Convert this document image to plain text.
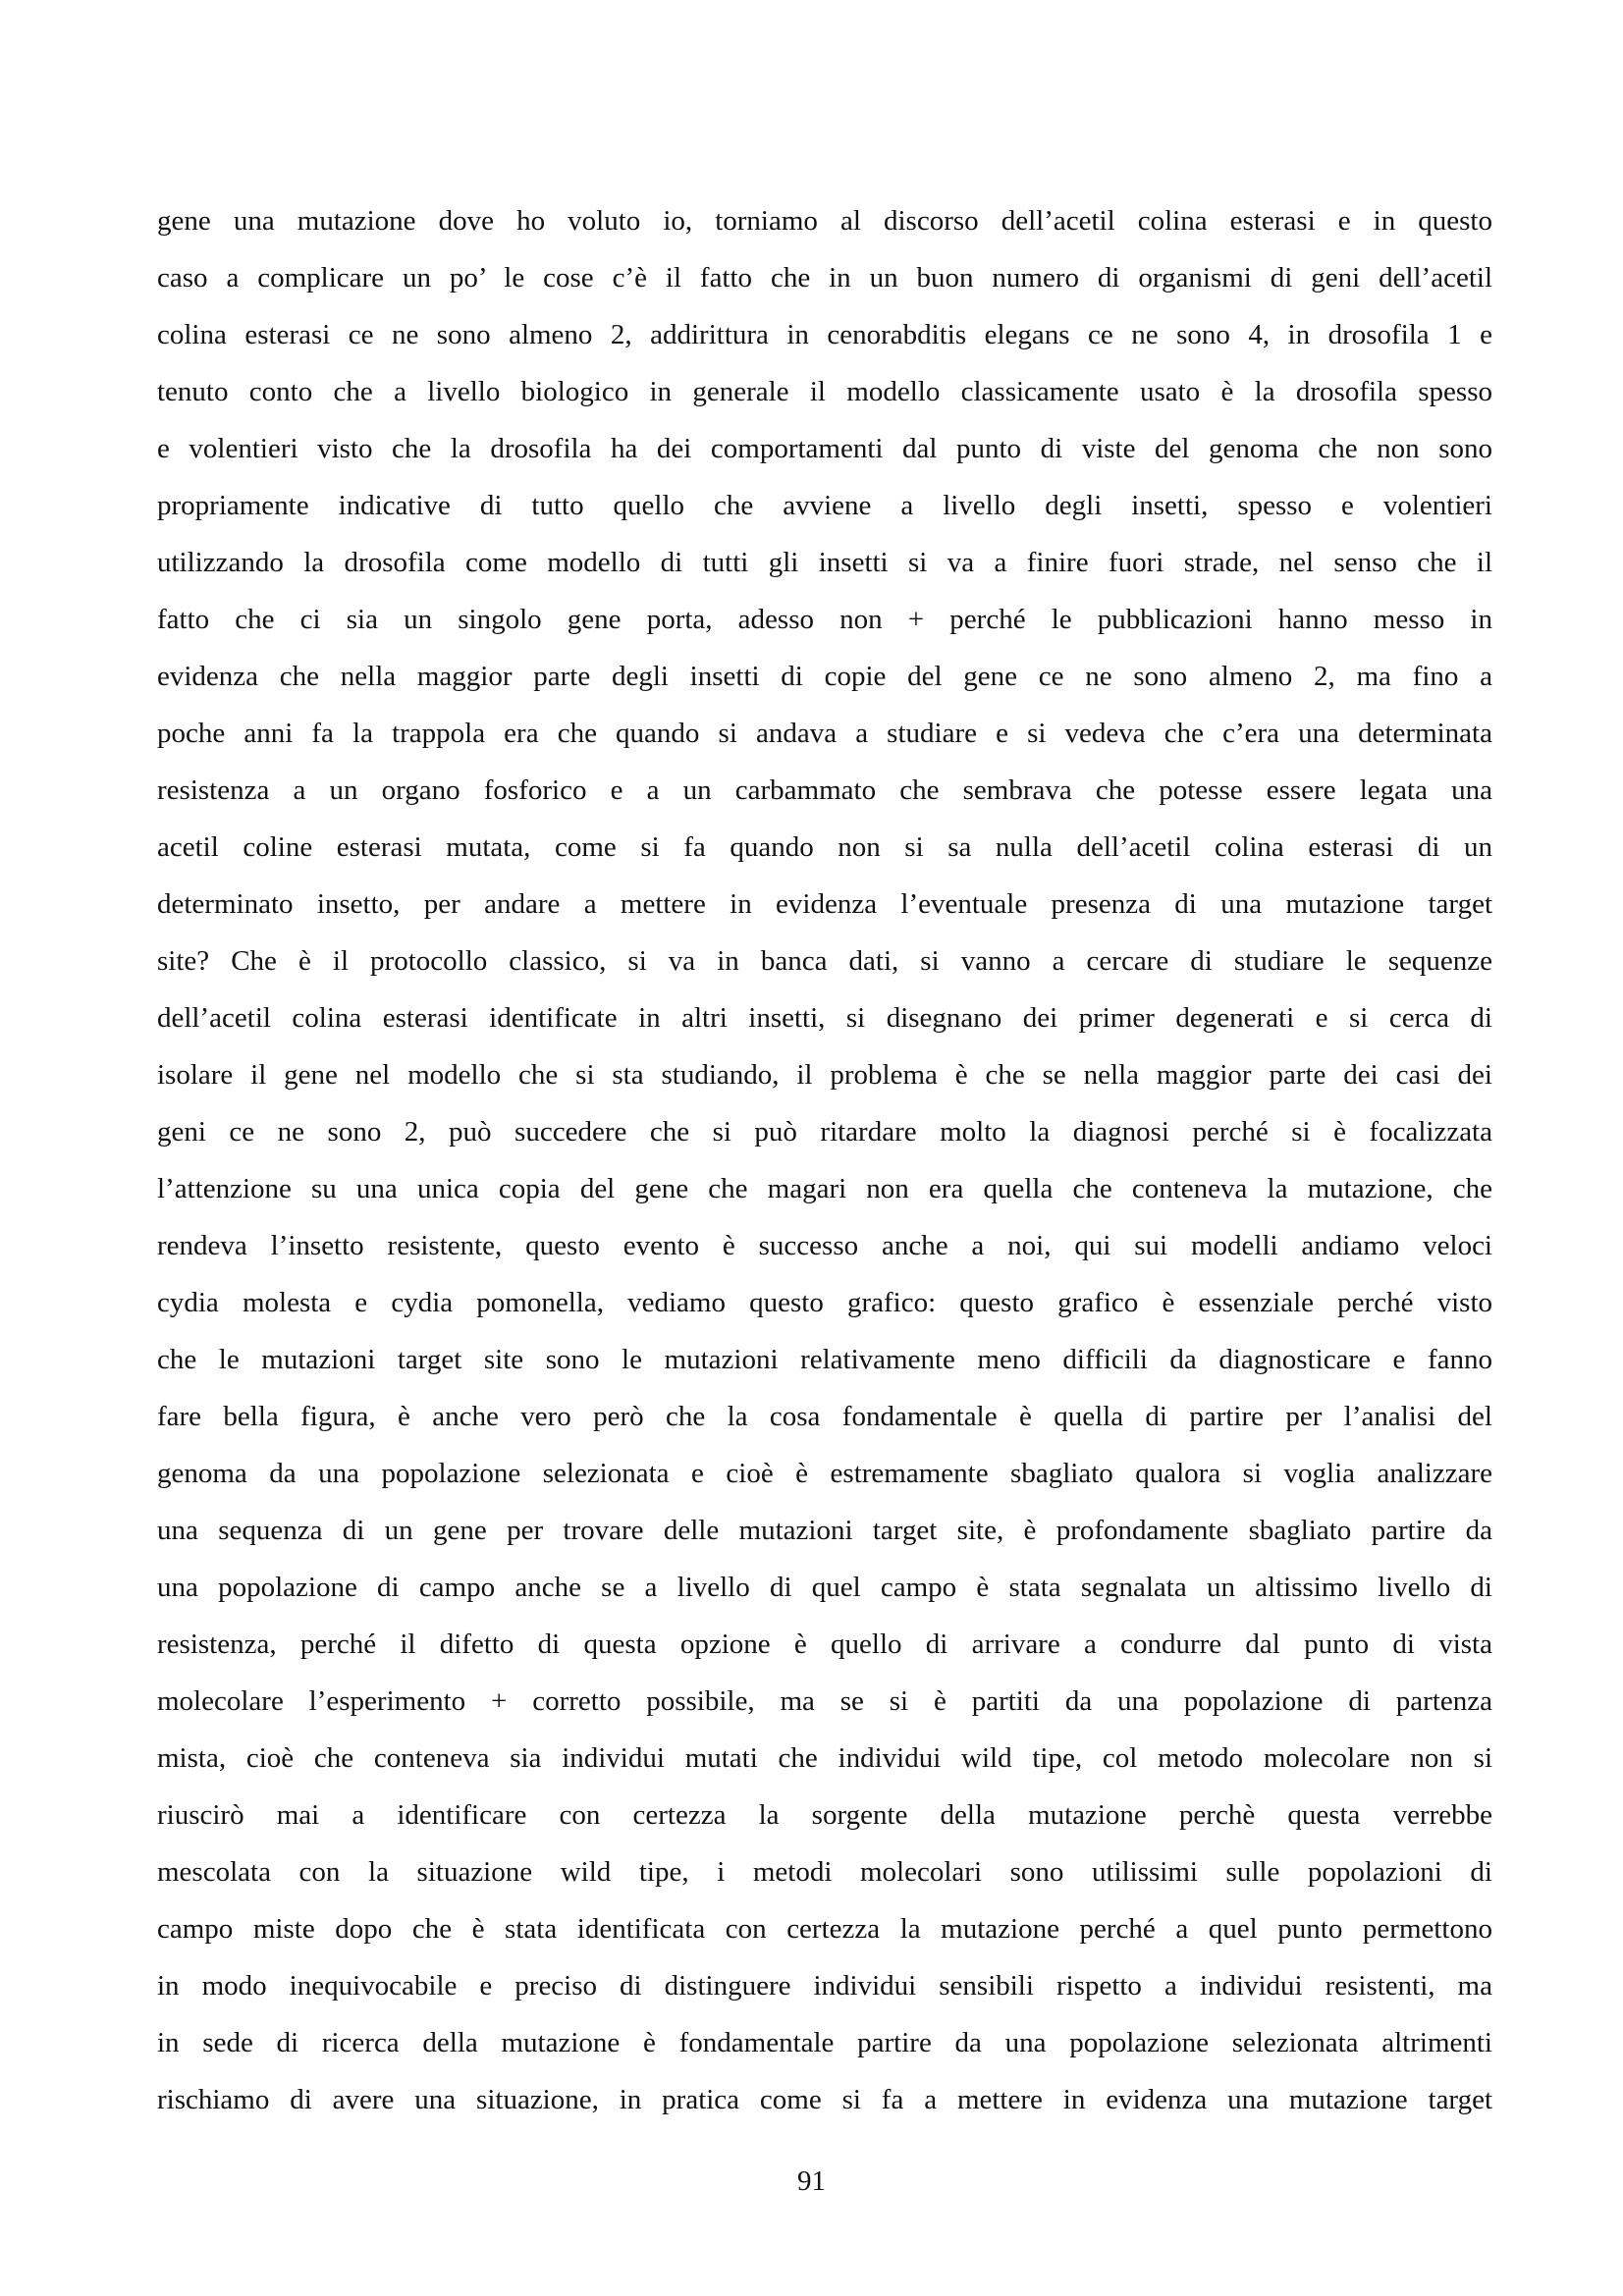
gene una mutazione dove ho voluto io, torniamo al discorso dell’acetil colina esterasi e in questo
caso a complicare un po’ le cose c’è il fatto che in un buon numero di organismi di geni dell’acetil
colina esterasi ce ne sono almeno 2, addirittura in cenorabditis elegans ce ne sono 4, in drosofila 1 e
tenuto conto che a livello biologico in generale il modello classicamente usato è la drosofila spesso
e volentieri visto che la drosofila ha dei comportamenti dal punto di viste del genoma che non sono
propriamente indicative di tutto quello che avviene a livello degli insetti, spesso e volentieri
utilizzando la drosofila come modello di tutti gli insetti si va a finire fuori strade, nel senso che il
fatto che ci sia un singolo gene porta, adesso non + perché le pubblicazioni hanno messo in
evidenza che nella maggior parte degli insetti di copie del gene ce ne sono almeno 2, ma fino a
poche anni fa la trappola era che quando si andava a studiare e si vedeva che c’era una determinata
resistenza a un organo fosforico e a un carbammato che sembrava che potesse essere legata una
acetil coline esterasi mutata, come si fa quando non si sa nulla dell’acetil colina esterasi di un
determinato insetto, per andare a mettere in evidenza l’eventuale presenza di una mutazione target
site? Che è il protocollo classico, si va in banca dati, si vanno a cercare di studiare le sequenze
dell’acetil colina esterasi identificate in altri insetti, si disegnano dei primer degenerati e si cerca di
isolare il gene nel modello che si sta studiando, il problema è che se nella maggior parte dei casi dei
geni ce ne sono 2, può succedere che si può ritardare molto la diagnosi perché si è focalizzata
l’attenzione su una unica copia del gene che magari non era quella che conteneva la mutazione, che
rendeva l’insetto resistente, questo evento è successo anche a noi, qui sui modelli andiamo veloci
cydia molesta e cydia pomonella, vediamo questo grafico: questo grafico è essenziale perché visto
che le mutazioni target site sono le mutazioni relativamente meno difficili da diagnosticare e fanno
fare bella figura, è anche vero però che la cosa fondamentale è quella di partire per l’analisi del
genoma da una popolazione selezionata e cioè è estremamente sbagliato qualora si voglia analizzare
una sequenza di un gene per trovare delle mutazioni target site, è profondamente sbagliato partire da
una popolazione di campo anche se a livello di quel campo è stata segnalata un altissimo livello di
resistenza, perché il difetto di questa opzione è quello di arrivare a condurre dal punto di vista
molecolare l’esperimento + corretto possibile, ma se si è partiti da una popolazione di partenza
mista, cioè che conteneva sia individui mutati che individui wild tipe, col metodo molecolare non si
riuscirò mai a identificare con certezza la sorgente della mutazione perchè questa verrebbe
mescolata con la situazione wild tipe, i metodi molecolari sono utilissimi sulle popolazioni di
campo miste dopo che è stata identificata con certezza la mutazione perché a quel punto permettono
in modo inequivocabile e preciso di distinguere individui sensibili rispetto a individui resistenti, ma
in sede di ricerca della mutazione è fondamentale partire da una popolazione selezionata altrimenti
rischiamo di avere una situazione, in pratica come si fa a mettere in evidenza una mutazione target
91
